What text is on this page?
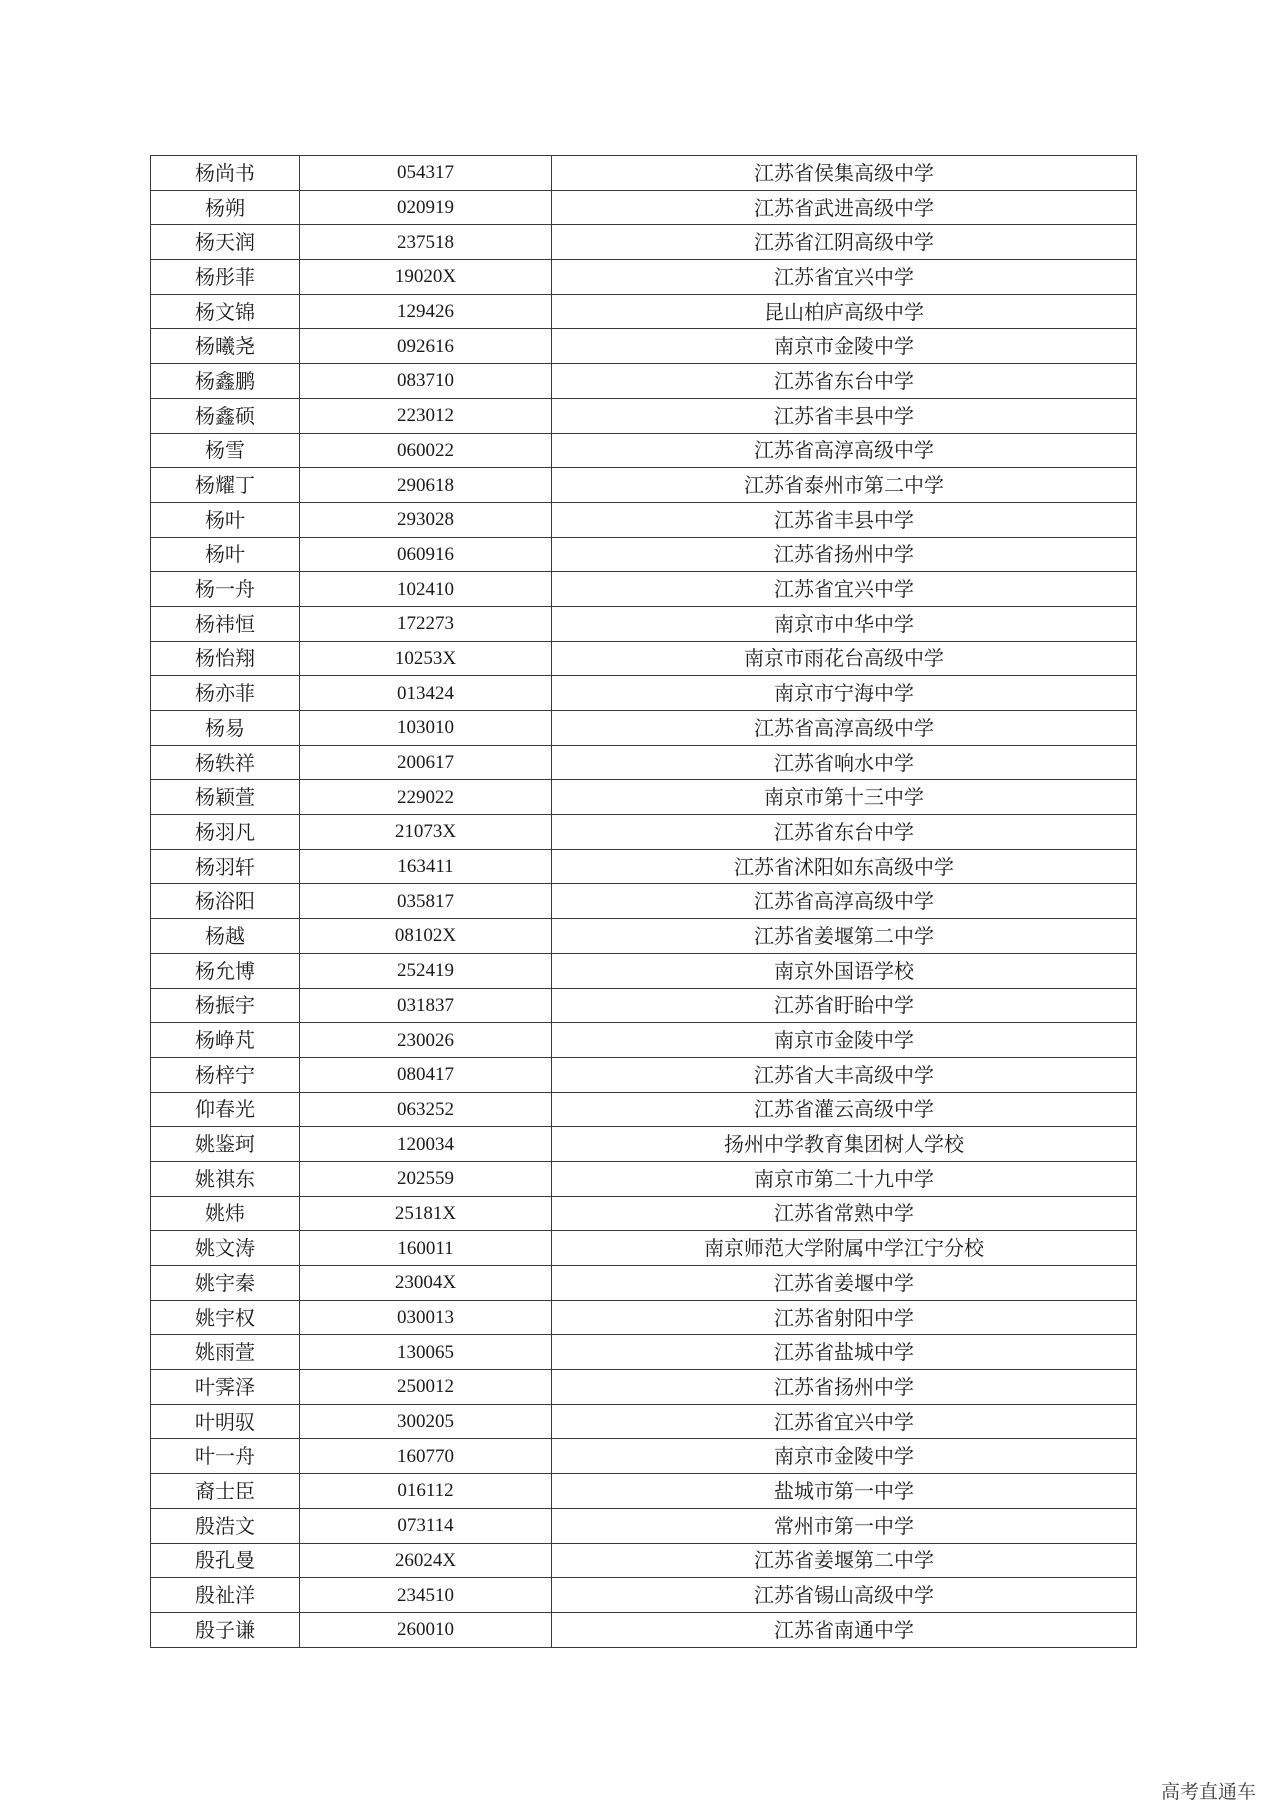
杨尚书	054317	江苏省侯集高级中学
杨朔	020919	江苏省武进高级中学
杨天润	237518	江苏省江阴高级中学
杨彤菲	19020X	江苏省宜兴中学
杨文锦	129426	昆山柏庐高级中学
杨曦尧	092616	南京市金陵中学
杨鑫鹏	083710	江苏省东台中学
杨鑫硕	223012	江苏省丰县中学
杨雪	060022	江苏省高淳高级中学
杨耀丁	290618	江苏省泰州市第二中学
杨叶	293028	江苏省丰县中学
杨叶	060916	江苏省扬州中学
杨一舟	102410	江苏省宜兴中学
杨祎恒	172273	南京市中华中学
杨怡翔	10253X	南京市雨花台高级中学
杨亦菲	013424	南京市宁海中学
杨易	103010	江苏省高淳高级中学
杨轶祥	200617	江苏省响水中学
杨颖萱	229022	南京市第十三中学
杨羽凡	21073X	江苏省东台中学
杨羽轩	163411	江苏省沭阳如东高级中学
杨浴阳	035817	江苏省高淳高级中学
杨越	08102X	江苏省姜堰第二中学
杨允博	252419	南京外国语学校
杨振宇	031837	江苏省盱眙中学
杨峥芃	230026	南京市金陵中学
杨梓宁	080417	江苏省大丰高级中学
仰春光	063252	江苏省灌云高级中学
姚鉴珂	120034	扬州中学教育集团树人学校
姚祺东	202559	南京市第二十九中学
姚炜	25181X	江苏省常熟中学
姚文涛	160011	南京师范大学附属中学江宁分校
姚宇秦	23004X	江苏省姜堰中学
姚宇权	030013	江苏省射阳中学
姚雨萱	130065	江苏省盐城中学
叶霁泽	250012	江苏省扬州中学
叶明驭	300205	江苏省宜兴中学
叶一舟	160770	南京市金陵中学
裔士臣	016112	盐城市第一中学
殷浩文	073114	常州市第一中学
殷孔曼	26024X	江苏省姜堰第二中学
殷祉洋	234510	江苏省锡山高级中学
殷子谦	260010	江苏省南通中学
高考直通车
